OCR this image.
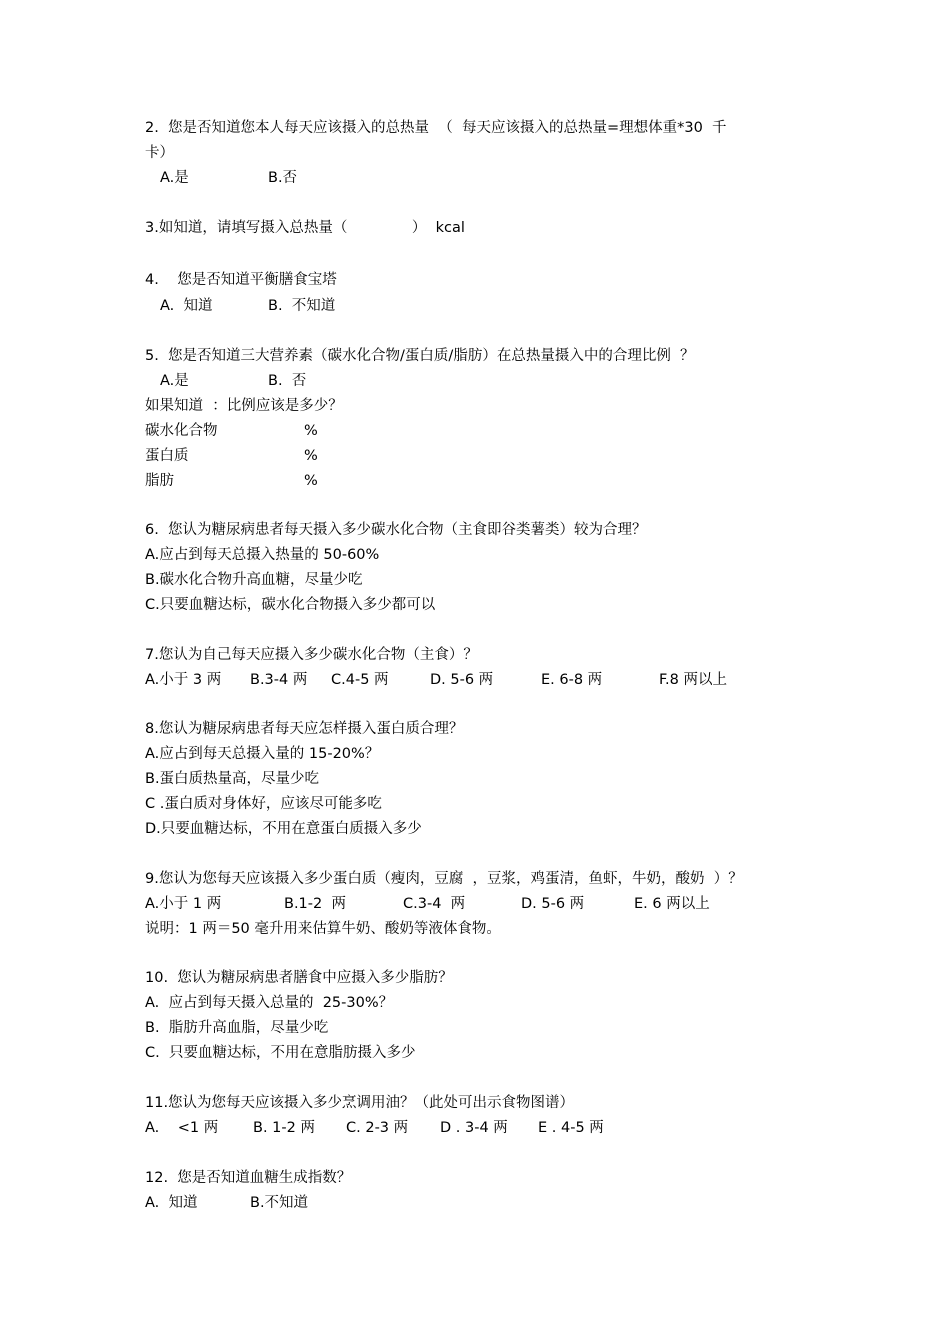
2.  您是否知道您本人每天应该摄入的总热量  （  每天应该摄入的总热量=理想体重*30  千
卡）
A.是	B.否
3.如知道，请填写摄入总热量（              ）  kcal
4.    您是否知道平衡膳食宝塔
A.  知道	B.  不知道
5.  您是否知道三大营养素（碳水化合物/蛋白质/脂肪）在总热量摄入中的合理比例  ？
A.是	B.  否
如果知道  ：比例应该是多少？
碳水化合物	%
蛋白质	%
脂肪	%
6.  您认为糖尿病患者每天摄入多少碳水化合物（主食即谷类薯类）较为合理？
A.应占到每天总摄入热量的 50-60%
B.碳水化合物升高血糖，尽量少吃
C.只要血糖达标，碳水化合物摄入多少都可以
7.您认为自己每天应摄入多少碳水化合物（主食）？
A.小于 3 两 B.3-4 两 C.4-5 两	D. 5-6 两	E. 6-8 两	F.8 两以上
8.您认为糖尿病患者每天应怎样摄入蛋白质合理？
A.应占到每天总摄入量的 15-20%？
B.蛋白质热量高，尽量少吃
C .蛋白质对身体好，应该尽可能多吃
D.只要血糖达标，不用在意蛋白质摄入多少
9.您认为您每天应该摄入多少蛋白质（瘦肉，豆腐  ，豆浆，鸡蛋清，鱼虾，牛奶，酸奶  ）？
A.小于 1 两	B.1-2  两	C.3-4  两	D. 5-6 两	E. 6 两以上
说明：1 两＝50 毫升用来估算牛奶、酸奶等液体食物。
10.  您认为糖尿病患者膳食中应摄入多少脂肪？
A.  应占到每天摄入总量的  25-30%？
B.  脂肪升高血脂，尽量少吃
C.  只要血糖达标，不用在意脂肪摄入多少
11.您认为您每天应该摄入多少烹调用油？（此处可出示食物图谱）
A.    <1 两 B. 1-2 两 C. 2-3 两 D . 3-4 两 E . 4-5 两
12.  您是否知道血糖生成指数？
A.  知道	B.不知道
